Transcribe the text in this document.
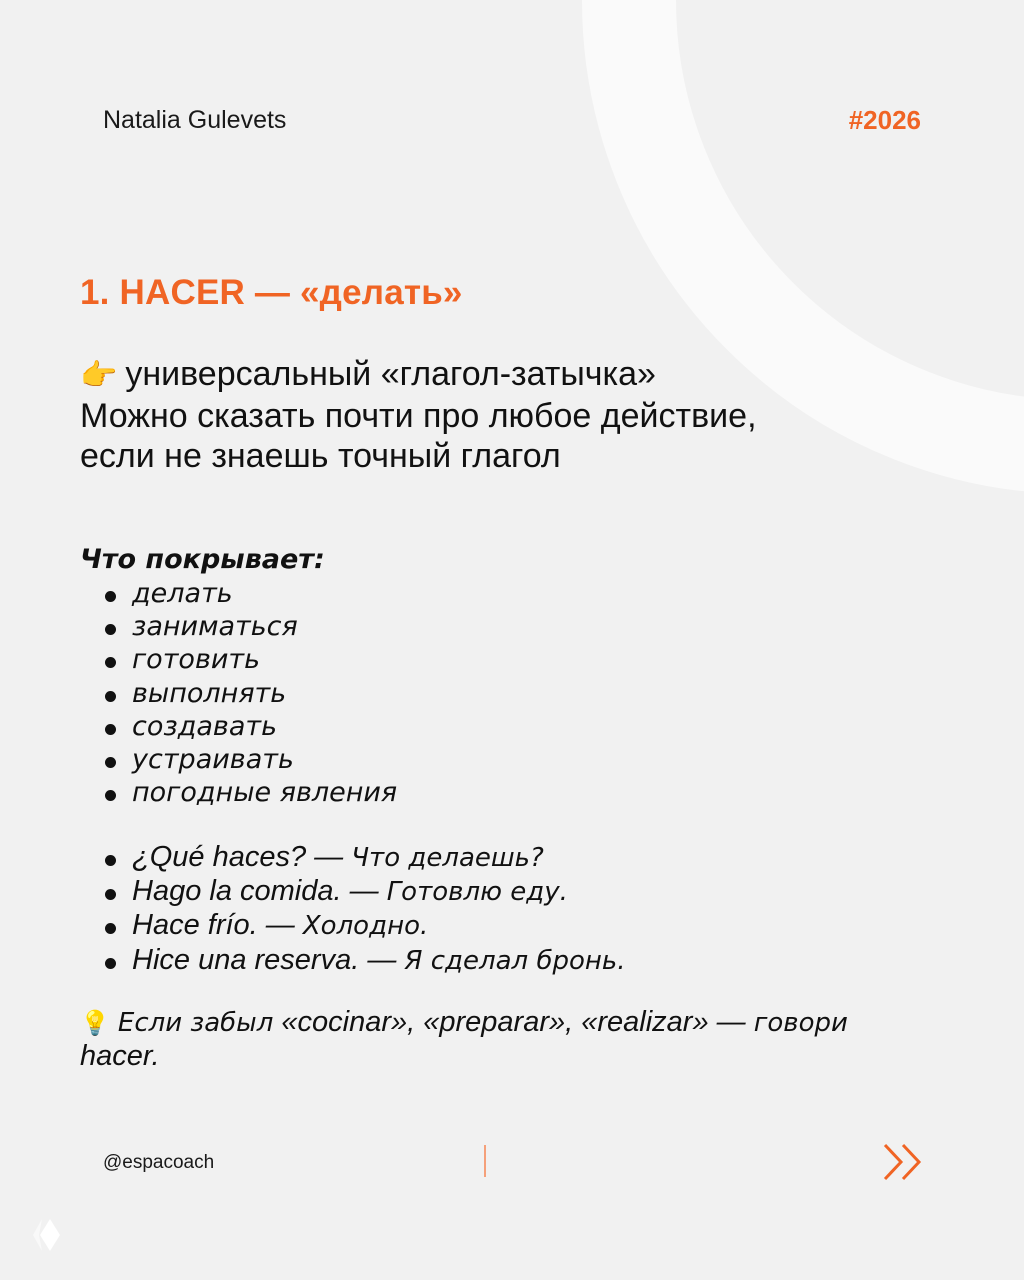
Natalia Gulevets	#2026
1. HACER — «делать»
👉 универсальный «глагол-затычка»
Можно сказать почти про любое действие, если не знаешь точный глагол
Что покрывает:
делать
заниматься
готовить
выполнять
создавать
устраивать
погодные явления
¿Qué haces? — Что делаешь?
Hago la comida. — Готовлю еду.
Hace frío. — Холодно.
Hice una reserva. — Я сделал бронь.
💡 Если забыл «cocinar», «preparar», «realizar» — говори hacer.
@espacoach
